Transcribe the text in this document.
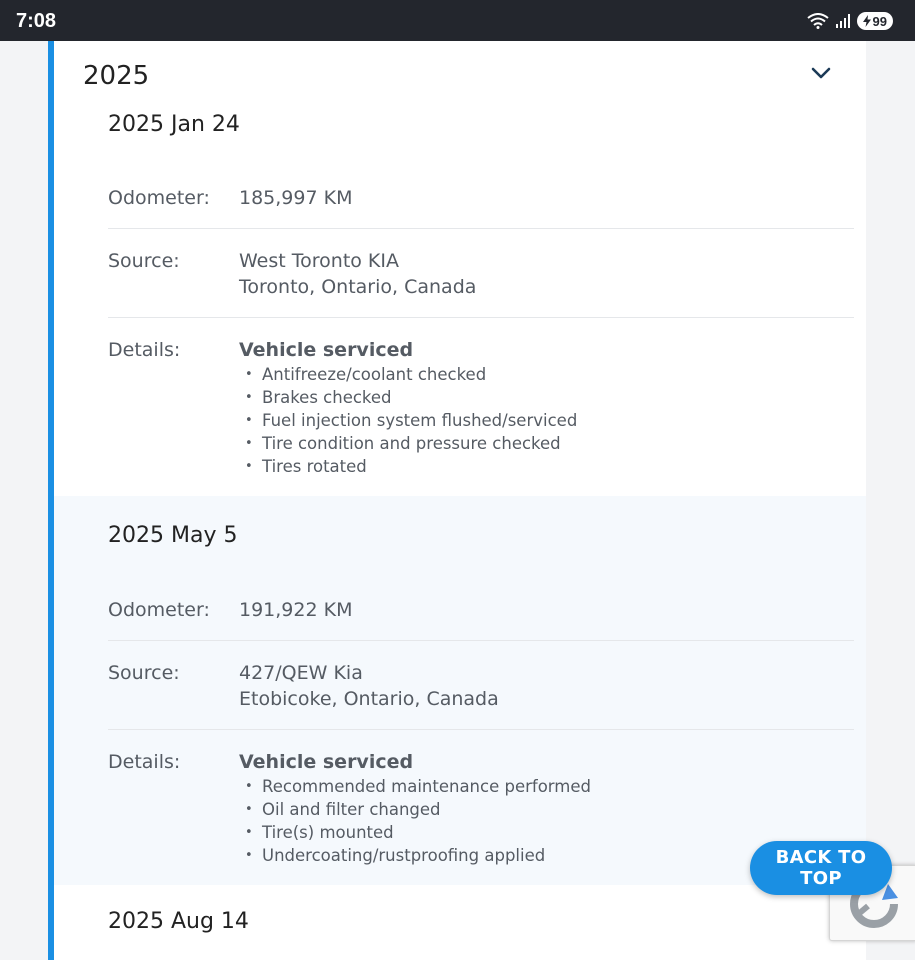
7:08	99
2025
2025 Jan 24
Odometer: 185,997 KM
Source:	West Toronto KIA
Toronto, Ontario, Canada
Details:	Vehicle serviced
• Antifreeze/coolant checked
• Brakes checked
• Fuel injection system flushed/serviced
• Tire condition and pressure checked
• Tires rotated
2025 May 5
Odometer: 191,922 KM
Source:	427/QEW Kia
Etobicoke, Ontario, Canada
Details:	Vehicle serviced
• Recommended maintenance performed
• Oil and filter changed
• Tire(s) mounted
• Undercoating/rustproofing applied
2025 Aug 14
BACK TO TOP
